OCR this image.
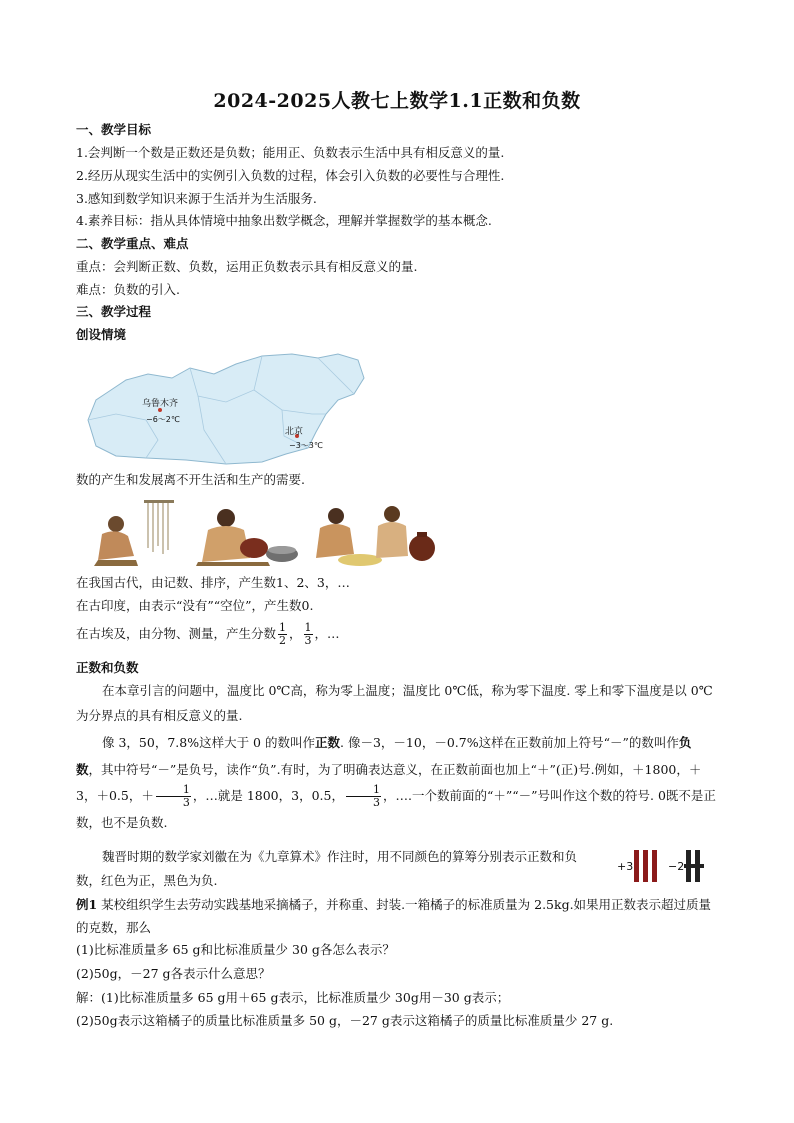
2024-2025人教七上数学1.1正数和负数
一、教学目标
1.会判断一个数是正数还是负数；能用正、负数表示生活中具有相反意义的量.
2.经历从现实生活中的实例引入负数的过程，体会引入负数的必要性与合理性.
3.感知到数学知识来源于生活并为生活服务.
4.素养目标：指从具体情境中抽象出数学概念，理解并掌握数学的基本概念.
二、教学重点、难点
重点：会判断正数、负数，运用正负数表示具有相反意义的量.
难点：负数的引入.
三、教学过程
创设情境
乌鲁木齐
−6～2℃
北京
−3～3℃
数的产生和发展离不开生活和生产的需要.
在我国古代，由记数、排序，产生数1、2、3，…
在古印度，由表示“没有”“空位”，产生数0.
在古埃及，由分物、测量，产生分数 $\frac{1}{2}$ ， $\frac{1}{3}$ ，…
正数和负数
在本章引言的问题中，温度比 0℃高，称为零上温度；温度比 0℃低，称为零下温度. 零上和零下温度是以 0℃为分界点的具有相反意义的量.
像 3，50，7.8%这样大于 0 的数叫作正数. 像－3，－10，－0.7%这样在正数前加上符号“－”的数叫作负数，其中符号“－”是负号，读作“负”.有时，为了明确表达意义，在正数前面也加上“＋”(正)号.例如，＋1800，＋3，＋0.5，＋ $\frac{1}{3}$ ，…就是 1800，3，0.5， $\frac{1}{3}$ ，….一个数前面的“＋”“－”号叫作这个数的符号. 0既不是正数，也不是负数.
魏晋时期的数学家刘徽在为《九章算术》作注时，用不同颜色的算筹分别表示正数和负数，红色为正，黑色为负.
+3	−2
例1 某校组织学生去劳动实践基地采摘橘子，并称重、封装.一箱橘子的标准质量为 2.5kg.如果用正数表示超过质量的克数，那么
(1)比标准质量多 65 g和比标准质量少 30 g各怎么表示？
(2)50g，－27 g各表示什么意思？
解：(1)比标准质量多 65 g用＋65 g表示，比标准质量少 30g用－30 g表示；
(2)50g表示这箱橘子的质量比标准质量多 50 g，－27 g表示这箱橘子的质量比标准质量少 27 g.
